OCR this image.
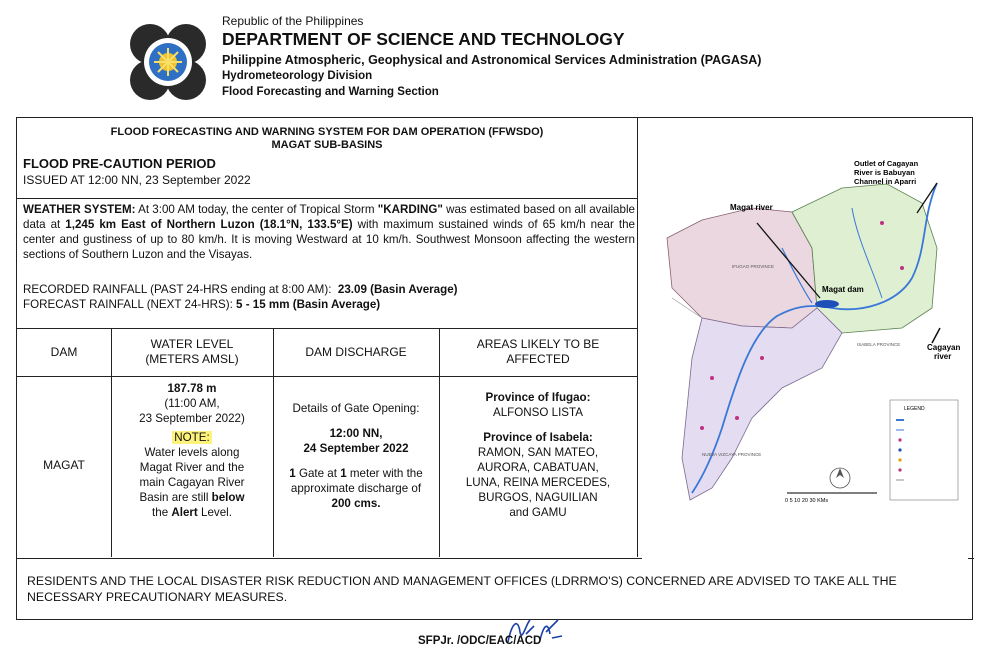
Republic of the Philippines
DEPARTMENT OF SCIENCE AND TECHNOLOGY
Philippine Atmospheric, Geophysical and Astronomical Services Administration (PAGASA)
Hydrometeorology Division
Flood Forecasting and Warning Section
FLOOD FORECASTING AND WARNING SYSTEM FOR DAM OPERATION (FFWSDO)
MAGAT SUB-BASINS
FLOOD PRE-CAUTION PERIOD
ISSUED AT 12:00 NN, 23 September 2022
WEATHER SYSTEM: At 3:00 AM today, the center of Tropical Storm "KARDING" was estimated based on all available data at 1,245 km East of Northern Luzon (18.1°N, 133.5°E) with maximum sustained winds of 65 km/h near the center and gustiness of up to 80 km/h. It is moving Westward at 10 km/h. Southwest Monsoon affecting the western sections of Southern Luzon and the Visayas.
RECORDED RAINFALL (PAST 24-HRS ending at 8:00 AM): 23.09 (Basin Average)
FORECAST RAINFALL (NEXT 24-HRS): 5 - 15 mm (Basin Average)
DAM
WATER LEVEL
(METERS AMSL)
DAM DISCHARGE
AREAS LIKELY TO BE
AFFECTED
MAGAT
187.78 m
(11:00 AM,
23 September 2022)
NOTE:
Water levels along
Magat River and the
main Cagayan River
Basin are still below
the Alert Level.
Details of Gate Opening:
12:00 NN,
24 September 2022
1 Gate at 1 meter with the
approximate discharge of
200 cms.
Province of Ifugao:
ALFONSO LISTA
Province of Isabela:
RAMON, SAN MATEO,
AURORA, CABATUAN,
LUNA, REINA MERCEDES,
BURGOS, NAGUILIAN
and GAMU
Outlet of Cagayan
River is Babuyan
Channel in Aparri
Magat river
Magat dam
Cagayan
river
ISABELA PROVINCE
NUEVA VIZCAYA PROVINCE
IFUGAO PROVINCE
LEGEND
0 5 10 20 30 KMs
RESIDENTS AND THE LOCAL DISASTER RISK REDUCTION AND MANAGEMENT OFFICES (LDRRMO'S) CONCERNED ARE ADVISED TO TAKE ALL THE NECESSARY PRECAUTIONARY MEASURES.
SFPJr. /ODC/EAC/ACD
